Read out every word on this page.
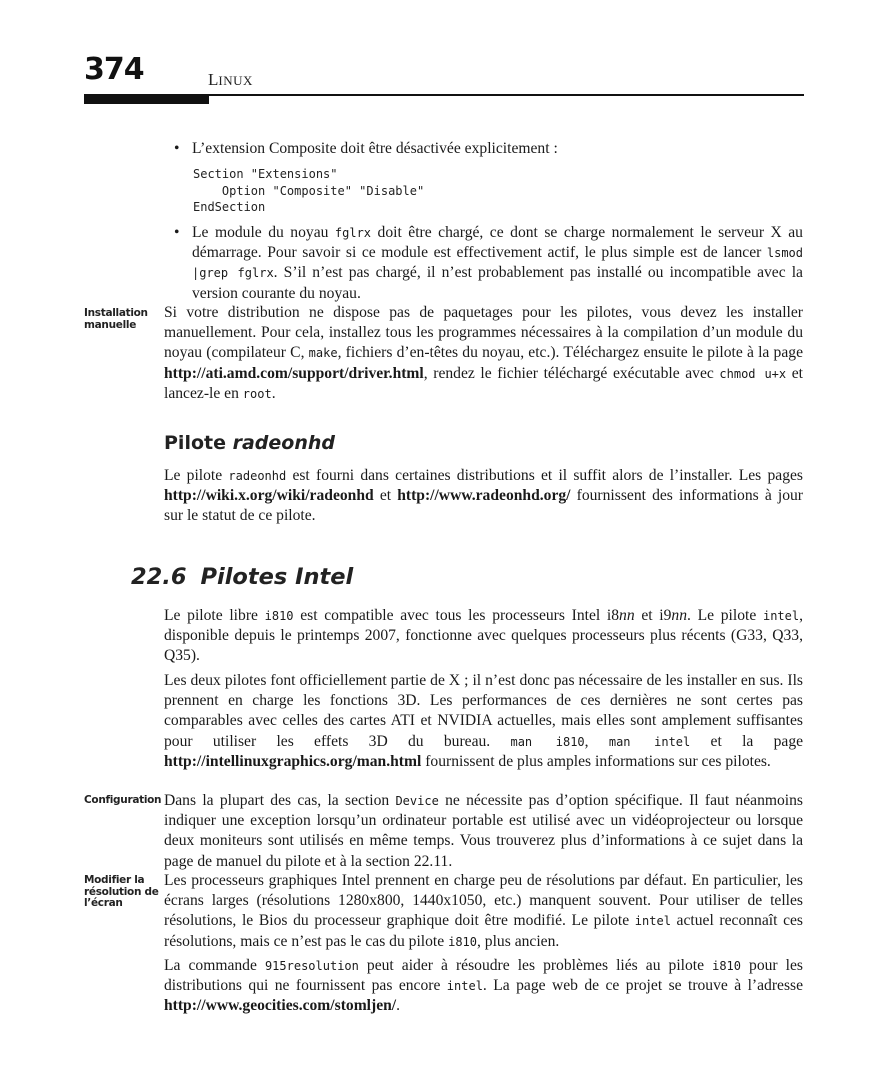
374	LINUX
• L’extension Composite doit être désactivée explicitement :
Section "Extensions"
Option "Composite" "Disable"
EndSection
• Le module du noyau fglrx doit être chargé, ce dont se charge normalement le serveur X au démarrage. Pour savoir si ce module est effectivement actif, le plus simple est de lancer lsmod |grep fglrx. S’il n’est pas chargé, il n’est probablement pas installé ou incompatible avec la version courante du noyau.
Installation manuelle
Si votre distribution ne dispose pas de paquetages pour les pilotes, vous devez les installer manuellement. Pour cela, installez tous les programmes nécessaires à la compilation d’un module du noyau (compilateur C, make, fichiers d’en-têtes du noyau, etc.). Téléchargez ensuite le pilote à la page http://ati.amd.com/support/driver.html, rendez le fichier téléchargé exécutable avec chmod u+x et lancez-le en root.
Pilote radeonhd
Le pilote radeonhd est fourni dans certaines distributions et il suffit alors de l’installer. Les pages http://wiki.x.org/wiki/radeonhd et http://www.radeonhd.org/ fournissent des informations à jour sur le statut de ce pilote.
22.6 Pilotes Intel
Le pilote libre i810 est compatible avec tous les processeurs Intel i8nn et i9nn. Le pilote intel, disponible depuis le printemps 2007, fonctionne avec quelques processeurs plus récents (G33, Q33, Q35).
Les deux pilotes font officiellement partie de X ; il n’est donc pas nécessaire de les installer en sus. Ils prennent en charge les fonctions 3D. Les performances de ces dernières ne sont certes pas comparables avec celles des cartes ATI et NVIDIA actuelles, mais elles sont amplement suffisantes pour utiliser les effets 3D du bureau. man i810, man intel et la page http://intellinuxgraphics.org/man.html fournissent de plus amples informations sur ces pilotes.
Configuration Dans la plupart des cas, la section Device ne nécessite pas d’option spécifique. Il faut néanmoins indiquer une exception lorsqu’un ordinateur portable est utilisé avec un vidéoprojecteur ou lorsque deux moniteurs sont utilisés en même temps. Vous trouverez plus d’informations à ce sujet dans la page de manuel du pilote et à la section 22.11.
Modifier la résolution de l’écran
Les processeurs graphiques Intel prennent en charge peu de résolutions par défaut. En particulier, les écrans larges (résolutions 1280x800, 1440x1050, etc.) manquent souvent. Pour utiliser de telles résolutions, le Bios du processeur graphique doit être modifié. Le pilote intel actuel reconnaît ces résolutions, mais ce n’est pas le cas du pilote i810, plus ancien.
La commande 915resolution peut aider à résoudre les problèmes liés au pilote i810 pour les distributions qui ne fournissent pas encore intel. La page web de ce projet se trouve à l’adresse http://www.geocities.com/stomljen/.
